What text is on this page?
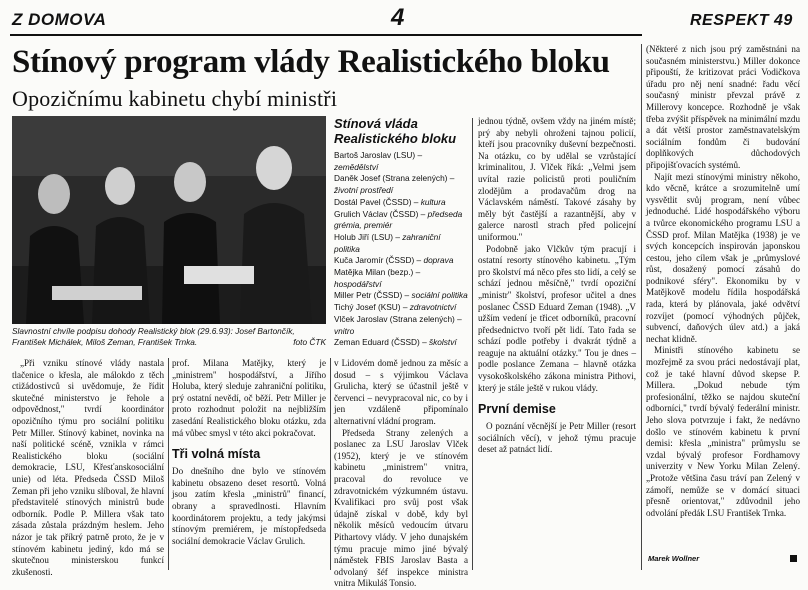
Z DOMOVA	4	RESPEKT 49
Stínový program vlády Realistického bloku
Opozičnímu kabinetu chybí ministři
Slavnostní chvíle podpisu dohody Realistický blok (29.6.93): Josef Bartončík, František Michálek, Miloš Zeman, František Trnka.	foto ČTK
Stínová vláda Realistického bloku
Bartoš Jaroslav (LSU) – zemědělství
Daněk Josef (Strana zelených) – životní prostředí
Dostál Pavel (ČSSD) – kultura
Grulich Václav (ČSSD) – předseda grémia, premiér
Holub Jiří (LSU) – zahraniční politika
Kuča Jaromír (ČSSD) – doprava
Matějka Milan (bezp.) – hospodářství
Miller Petr (ČSSD) – sociální politika
Tichý Josef (KSU) – zdravotnictví
Vlček Jaroslav (Strana zelených) – vnitro
Zeman Eduard (ČSSD) – školství

„Při vzniku stínové vlády nastala tlačenice o křesla, ale málokdo z těch ctižádostivců si uvědomuje, že řídit skutečné ministerstvo je řehole a odpovědnost," tvrdí koordinátor opozičního týmu pro sociální politiku Petr Miller. Stínový kabinet, novinka na naší politické scéně, vznikla v rámci Realistického bloku (sociální demokracie, LSU, Křesťanskosociální unie) od léta. Předseda ČSSD Miloš Zeman při jeho vzniku slíboval, že hlavní představitelé stínových ministrů bude odborník. Podle P. Millera však tato zásada zůstala prázdným heslem. Jeho názor je tak příkrý patrně proto, že je v stínovém kabinetu jediný, kdo má se skutečnou ministerskou funkcí zkušenosti.

prof. Milana Matějky, který je „ministrem" hospodářství, a Jiřího Holuba, který sleduje zahraniční politiku, prý ostatní nevědí, oč běží. Petr Miller je proto rozhodnut položit na nejbližším zasedání Realistického bloku otázku, zda má vůbec smysl v této akci pokračovat.

Tři volná místa

Do dnešního dne bylo ve stínovém kabinetu obsazeno deset resortů. Volná jsou zatím křesla „ministrů" financí, obrany a spravedlnosti. Hlavním koordinátorem projektu, a tedy jakýmsi stínovým premiérem, je místopředseda sociální demokracie Václav Grulich.

v Lidovém domě jednou za měsíc a dosud – s výjimkou Václava Grulicha, který se účastnil ještě v červenci – nevypracoval nic, co by i jen vzdáleně připomínalo alternativní vládní program.

Předseda Strany zelených a poslanec za LSU Jaroslav Vlček (1952), který je ve stínovém kabinetu „ministrem" vnitra, pracoval do revoluce ve zdravotnickém výzkumném ústavu. Kvalifikaci pro svůj post však údajně získal v době, kdy byl několik měsíců vedoucím útvaru Pithartovy vlády. V jeho dunajském týmu pracuje mimo jiné bývalý náměstek FBIS Jaroslav Basta a odvolaný šéf inspekce ministra vnitra Mikuláš Tonsio.

jednou týdně, ovšem vždy na jiném místě; prý aby nebyli ohroženi tajnou policií, kteří jsou pracovníky duševní bezpečnosti. Na otázku, co by udělal se vzrůstající kriminalitou, J. Vlček říká: „Velmi jsem uvítal razie policistů proti pouličním zlodějům a prodavačům drog na Václavském náměstí. Takové zásahy by měly být častější a razantnější, aby v galerce narostl strach před policejní uniformou."

Podobně jako Vlčkův tým pracují i ostatní resorty stínového kabinetu. „Tým pro školství má něco přes sto lidí, a celý se schází jednou měsíčně," tvrdí opoziční „ministr" školství, profesor učitel a dnes poslanec ČSSD Eduard Zeman (1948). „V užším vedení je třicet odborníků, pracovní předsednictvo tvoří pět lidí. Tato řada se schází podle potřeby i dvakrát týdně a reaguje na aktuální otázky." Tou je dnes – podle poslance Zemana – hlavně otázka vysokoškolského zákona ministra Pithovi, který je stále ještě v rukou vlády.

První demise

O poznání věcnější je Petr Miller (resort sociálních věcí), v jehož týmu pracuje deset až patnáct lidí.

(Některé z nich jsou prý zaměstnáni na současném ministerstvu.) Miller dokonce připouští, že kritizovat práci Vodičkova úřadu pro něj není snadné: řadu věcí současný ministr převzal právě z Millerovy koncepce. Rozhodně je však třeba zvýšit příspěvek na minimální mzdu a dát větší prostor zaměstnavatelským sociálním fondům či budování doplňkových důchodových připojišťovacích systémů.

Najít mezi stínovými ministry někoho, kdo věcně, krátce a srozumitelně umí vysvětlit svůj program, není vůbec jednoduché. Lidé hospodářského výboru a tvůrce ekonomického programu LSU a ČSSD prof. Milan Matějka (1938) je ve svých koncepcích inspirován japonskou cestou, jeho cílem však je „průmyslové růst, dosažený pomocí zásahů do podnikové sféry". Ekonomiku by v Matějkově modelu řídila hospodářská rada, která by plánovala, jaké odvětví rozvíjet (pomocí výhodných půjček, subvencí, daňových úlev atd.) a jaká nechat klidně.

Ministři stínového kabinetu se mozřejmě za svou práci nedostávají plat, což je také hlavní důvod skepse P. Millera. „Dokud nebude tým profesionální, těžko se najdou skuteční odborníci," tvrdí bývalý federální ministr. Jeho slova potvrzuje i fakt, že nedávno došlo ve stínovém kabinetu k první demisi: křesla „ministra" průmyslu se vzdal bývalý profesor Fordhamovy univerzity v New Yorku Milan Zelený. „Protože většina času tráví pan Zelený v zámoří, nemůže se v domácí situaci přesně orientovat," zdůvodnil jeho odvolání předák LSU František Trnka.

Marek Wollner
